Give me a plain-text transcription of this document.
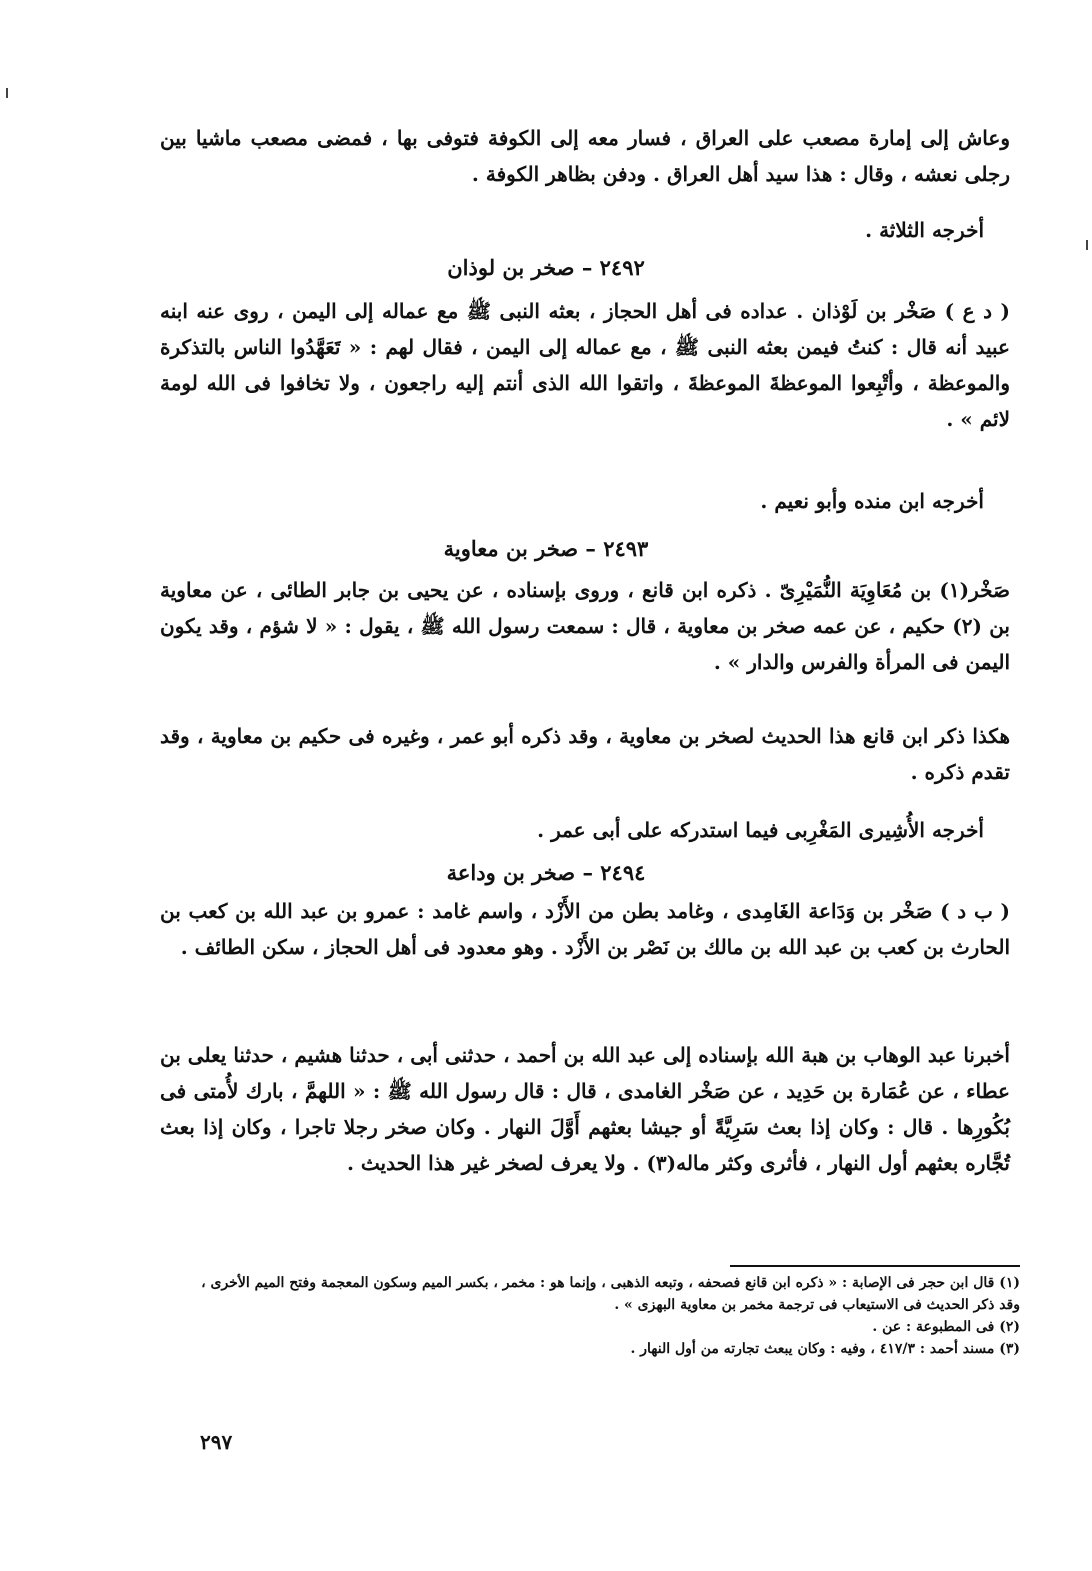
وعاش إلى إمارة مصعب على العراق ، فسار معه إلى الكوفة فتوفى بها ، فمضى مصعب ماشيا بين رجلى نعشه ، وقال : هذا سيد أهل العراق . ودفن بظاهر الكوفة .
أخرجه الثلاثة .
٢٤٩٢ – صخر بن لوذان
( د ع ) صَخْر بن لَوْذان . عداده فى أهل الحجاز ، بعثه النبى ﷺ مع عماله إلى اليمن ، روى عنه ابنه عبيد أنه قال : كنتُ فيمن بعثه النبى ﷺ ، مع عماله إلى اليمن ، فقال لهم : « تَعَهَّدُوا الناس بالتذكرة والموعظة ، وأتْبِعوا الموعظةَ الموعظةَ ، واتقوا الله الذى أنتم إليه راجعون ، ولا تخافوا فى الله لومة لائم » .
أخرجه ابن منده وأبو نعيم .
٢٤٩٣ – صخر بن معاوية
صَخْر(١) بن مُعَاوِيَة النُّمَيْرِىّ . ذكره ابن قانع ، وروى بإسناده ، عن يحيى بن جابر الطائى ، عن معاوية بن (٢) حكيم ، عن عمه صخر بن معاوية ، قال : سمعت رسول الله ﷺ ، يقول : « لا شؤم ، وقد يكون اليمن فى المرأة والفرس والدار » .
هكذا ذكر ابن قانع هذا الحديث لصخر بن معاوية ، وقد ذكره أبو عمر ، وغيره فى حكيم بن معاوية ، وقد تقدم ذكره .
أخرجه الأُشِيرى المَغْرِبى فيما استدركه على أبى عمر .
٢٤٩٤ – صخر بن وداعة
( ب د ) صَخْر بن وَدَاعة الغَامِدى ، وغامد بطن من الأَزْد ، واسم غامد : عمرو بن عبد الله بن كعب بن الحارث بن كعب بن عبد الله بن مالك بن نَصْر بن الأَزْد . وهو معدود فى أهل الحجاز ، سكن الطائف .
أخبرنا عبد الوهاب بن هبة الله بإسناده إلى عبد الله بن أحمد ، حدثنى أبى ، حدثنا هشيم ، حدثنا يعلى بن عطاء ، عن عُمَارة بن حَدِيد ، عن صَخْر الغامدى ، قال : قال رسول الله ﷺ : « اللهمَّ ، بارك لأُمتى فى بُكُورِها . قال : وكان إذا بعث سَرِيَّةً أو جيشا بعثهم أَوَّلَ النهار . وكان صخر رجلا تاجرا ، وكان إذا بعث تُجَّاره بعثهم أول النهار ، فأثرى وكثر ماله(٣) . ولا يعرف لصخر غير هذا الحديث .
(١) قال ابن حجر فى الإصابة : « ذكره ابن قانع فصحفه ، وتبعه الذهبى ، وإنما هو : مخمر ، بكسر الميم وسكون المعجمة وفتح الميم الأخرى ، وقد ذكر الحديث فى الاستيعاب فى ترجمة مخمر بن معاوية البهزى » .
(٢) فى المطبوعة : عن .
(٣) مسند أحمد : ٤١٧/٣ ، وفيه : وكان يبعث تجارته من أول النهار .
٢٩٧
